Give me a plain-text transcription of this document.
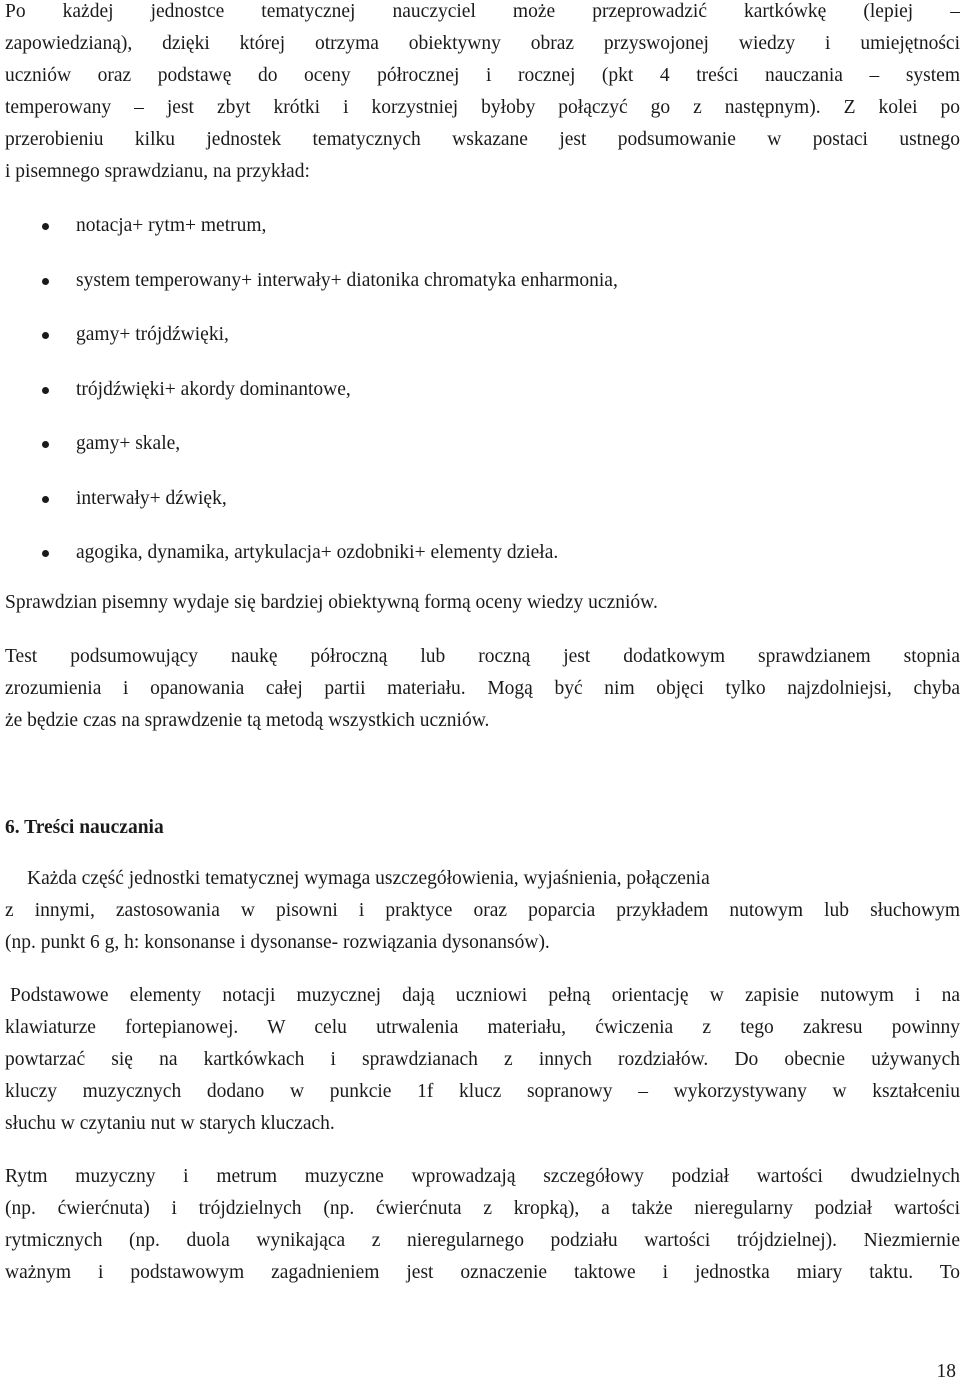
Po każdej jednostce tematycznej nauczyciel może przeprowadzić kartkówkę (lepiej –
zapowiedzianą), dzięki której otrzyma obiektywny obraz przyswojonej wiedzy i umiejętności
uczniów oraz podstawę do oceny półrocznej i rocznej (pkt 4 treści nauczania – system
temperowany – jest zbyt krótki i korzystniej byłoby połączyć go z następnym). Z kolei po
przerobieniu kilku jednostek tematycznych wskazane jest podsumowanie w postaci ustnego
i pisemnego sprawdzianu, na przykład:
notacja+ rytm+ metrum,
system temperowany+ interwały+ diatonika chromatyka enharmonia,
gamy+ trójdźwięki,
trójdźwięki+ akordy dominantowe,
gamy+ skale,
interwały+ dźwięk,
agogika, dynamika, artykulacja+ ozdobniki+ elementy dzieła.

Sprawdzian pisemny wydaje się bardziej obiektywną formą oceny wiedzy uczniów.

Test podsumowujący naukę półroczną lub roczną jest dodatkowym sprawdzianem stopnia
zrozumienia i opanowania całej partii materiału. Mogą być nim objęci tylko najzdolniejsi, chyba
że będzie czas na sprawdzenie tą metodą wszystkich uczniów.
6. Treści nauczania
Każda część jednostki tematycznej wymaga uszczegółowienia, wyjaśnienia, połączenia
z innymi, zastosowania w pisowni i praktyce oraz poparcia przykładem nutowym lub słuchowym
(np. punkt 6 g, h: konsonanse i dysonanse- rozwiązania dysonansów).
Podstawowe elementy notacji muzycznej dają uczniowi pełną orientację w zapisie nutowym i na
klawiaturze fortepianowej. W celu utrwalenia materiału, ćwiczenia z tego zakresu powinny
powtarzać się na kartkówkach i sprawdzianach z innych rozdziałów. Do obecnie używanych
kluczy muzycznych dodano w punkcie 1f klucz sopranowy – wykorzystywany w kształceniu
słuchu w czytaniu nut w starych kluczach.
Rytm muzyczny i metrum muzyczne wprowadzają szczegółowy podział wartości dwudzielnych
(np. ćwierćnuta) i trójdzielnych (np. ćwierćnuta z kropką), a także nieregularny podział wartości
rytmicznych (np. duola wynikająca z nieregularnego podziału wartości trójdzielnej). Niezmiernie
ważnym i podstawowym zagadnieniem jest oznaczenie taktowe i jednostka miary taktu. To
18
